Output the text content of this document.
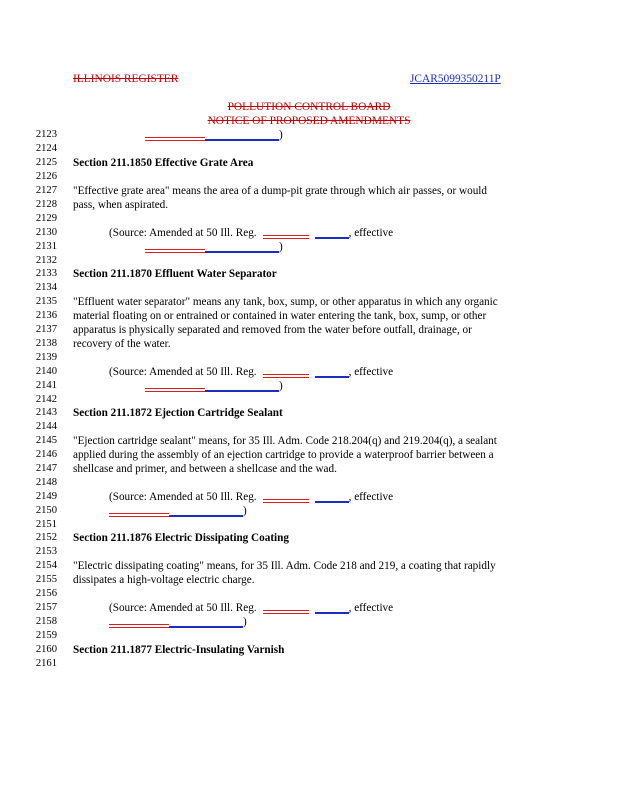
ILLINOIS REGISTER	JCAR5099350211P
POLLUTION CONTROL BOARD
NOTICE OF PROPOSED AMENDMENTS
2123
2124
2125
2126
2127
2128
2129
2130
2131
2132
2133
2134
2135
2136
2137
2138
2139
2140
2141
2142
2143
2144
2145
2146
2147
2148
2149
2150
2151
2152
2153
2154
2155
2156
2157
2158
2159
2160
2161
)
Section 211.1850 Effective Grate Area
"Effective grate area" means the area of a dump-pit grate through which air passes, or would
pass, when aspirated.
(Source: Amended at 50 Ill. Reg.	, effective
)
Section 211.1870 Effluent Water Separator
"Effluent water separator" means any tank, box, sump, or other apparatus in which any organic
material floating on or entrained or contained in water entering the tank, box, sump, or other
apparatus is physically separated and removed from the water before outfall, drainage, or
recovery of the water.
(Source: Amended at 50 Ill. Reg.	, effective
)
Section 211.1872 Ejection Cartridge Sealant
"Ejection cartridge sealant" means, for 35 Ill. Adm. Code 218.204(q) and 219.204(q), a sealant
applied during the assembly of an ejection cartridge to provide a waterproof barrier between a
shellcase and primer, and between a shellcase and the wad.
(Source: Amended at 50 Ill. Reg.	, effective
)
Section 211.1876 Electric Dissipating Coating
"Electric dissipating coating" means, for 35 Ill. Adm. Code 218 and 219, a coating that rapidly
dissipates a high-voltage electric charge.
(Source: Amended at 50 Ill. Reg.	, effective
)
Section 211.1877 Electric-Insulating Varnish
